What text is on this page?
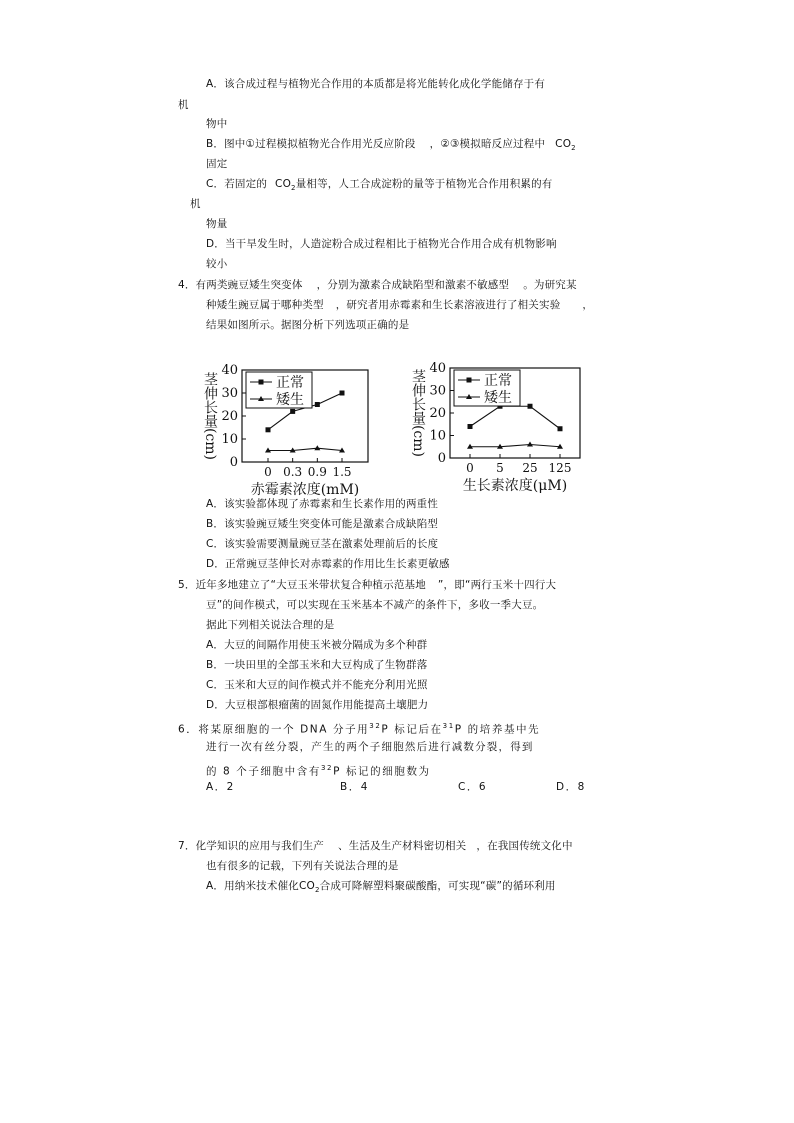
A．该合成过程与植物光合作用的本质都是将光能转化成化学能储存于有
机
物中
B．图中①过程模拟植物光合作用光反应阶段 ，②③模拟暗反应过程中 $CO_2$
固定
C．若固定的 $CO_2$量相等，人工合成淀粉的量等于植物光合作用积累的有
机
物量
D．当干旱发生时，人造淀粉合成过程相比于植物光合作用合成有机物影响
较小
4．有两类豌豆矮生突变体 ，分别为激素合成缺陷型和激素不敏感型 。为研究某
种矮生豌豆属于哪种类型 ，研究者用赤霉素和生长素溶液进行了相关实验 ，
结果如图所示。据图分析下列选项正确的是
0
10
20
30
40
0 0.3 0.9 1.5
茎伸长量(cm)
赤霉素浓度(mM)
正常
矮生
0
10
20
30
40
0 5 25 125
茎伸长量(cm)
生长素浓度(μM)
正常
矮生
A．该实验都体现了赤霉素和生长素作用的两重性
B．该实验豌豆矮生突变体可能是激素合成缺陷型
C．该实验需要测量豌豆茎在激素处理前后的长度
D．正常豌豆茎伸长对赤霉素的作用比生长素更敏感
5．近年多地建立了“大豆玉米带状复合种植示范基地 ”，即“两行玉米十四行大
豆”的间作模式，可以实现在玉米基本不减产的条件下，多收一季大豆。
据此下列相关说法合理的是
A．大豆的间隔作用使玉米被分隔成为多个种群
B．一块田里的全部玉米和大豆构成了生物群落
C．玉米和大豆的间作模式并不能充分利用光照
D．大豆根部根瘤菌的固氮作用能提高土壤肥力
6．将某原细胞的一个 DNA 分子用$^{32}$P 标记后在$^{31}$P 的培养基中先
进行一次有丝分裂，产生的两个子细胞然后进行减数分裂，得到
的 8 个子细胞中含有$^{32}$P 标记的细胞数为
A．2	B．4	C．6	D．8
7．化学知识的应用与我们生产 、生活及生产材料密切相关 ，在我国传统文化中
也有很多的记载，下列有关说法合理的是
A．用纳米技术催化$CO_2$合成可降解塑料聚碳酸酯，可实现“碳”的循环利用
